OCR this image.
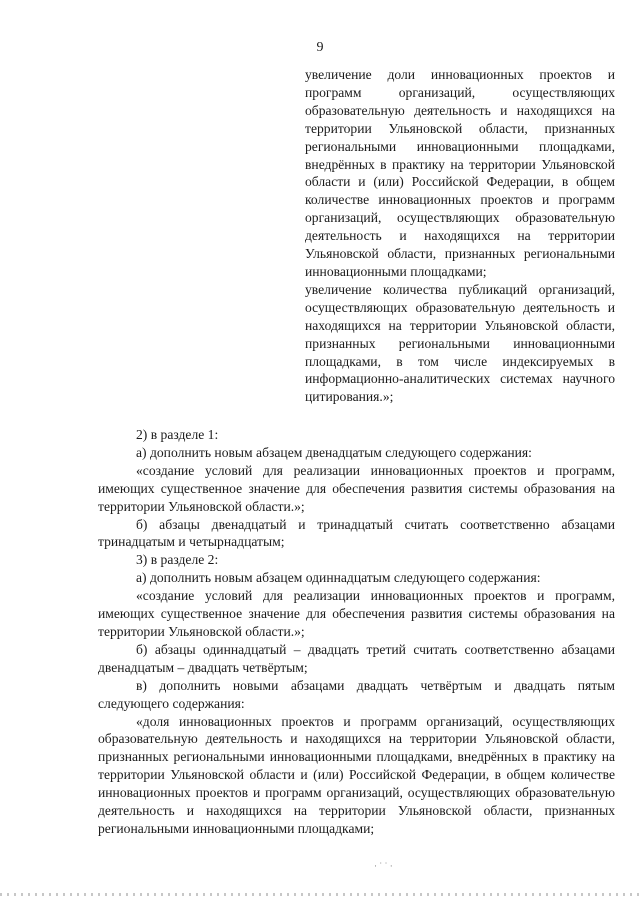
9

увеличение доли инновационных проектов и программ организаций, осуществляющих образовательную деятельность и находящихся на территории Ульяновской области, признанных региональными инновационными площадками, внедрённых в практику на территории Ульяновской области и (или) Российской Федерации, в общем количестве инновационных проектов и программ организаций, осуществляющих образовательную деятельность и находящихся на территории Ульяновской области, признанных региональными инновационными площадками;

увеличение количества публикаций организаций, осуществляющих образовательную деятельность и находящихся на территории Ульяновской области, признанных региональными инновационными площадками, в том числе индексируемых в информационно-аналитических системах научного цитирования.»;

2) в разделе 1:

а) дополнить новым абзацем двенадцатым следующего содержания:

«создание условий для реализации инновационных проектов и программ, имеющих существенное значение для обеспечения развития системы образования на территории Ульяновской области.»;

б) абзацы двенадцатый и тринадцатый считать соответственно абзацами тринадцатым и четырнадцатым;

3) в разделе 2:

а) дополнить новым абзацем одиннадцатым следующего содержания:

«создание условий для реализации инновационных проектов и программ, имеющих существенное значение для обеспечения развития системы образования на территории Ульяновской области.»;

б) абзацы одиннадцатый – двадцать третий считать соответственно абзацами двенадцатым – двадцать четвёртым;

в) дополнить новыми абзацами двадцать четвёртым и двадцать пятым следующего содержания:

«доля инновационных проектов и программ организаций, осуществляющих образовательную деятельность и находящихся на территории Ульяновской области, признанных региональными инновационными площадками, внедрённых в практику на территории Ульяновской области и (или) Российской Федерации, в общем количестве инновационных проектов и программ организаций, осуществляющих образовательную деятельность и находящихся на территории Ульяновской области, признанных региональными инновационными площадками;

· ˙ ˙ ·
